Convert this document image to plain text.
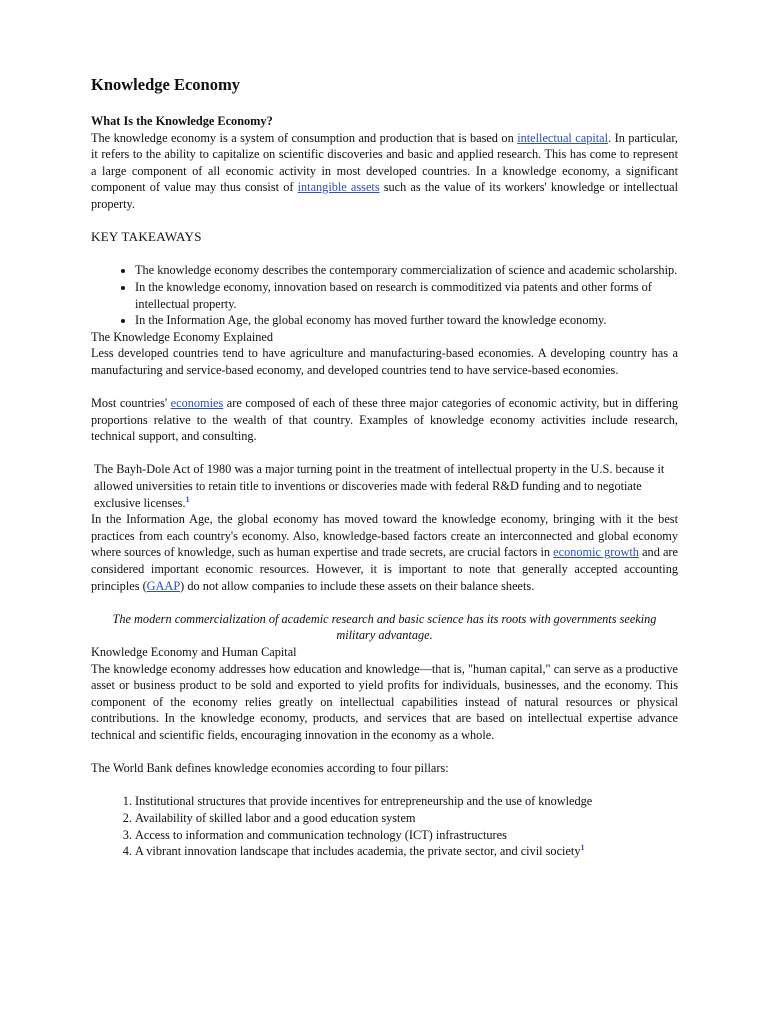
Knowledge Economy
What Is the Knowledge Economy?

The knowledge economy is a system of consumption and production that is based on intellectual capital. In particular, it refers to the ability to capitalize on scientific discoveries and basic and applied research. This has come to represent a large component of all economic activity in most developed countries. In a knowledge economy, a significant component of value may thus consist of intangible assets such as the value of its workers' knowledge or intellectual property.

KEY TAKEAWAYS

• The knowledge economy describes the contemporary commercialization of science and academic scholarship.
• In the knowledge economy, innovation based on research is commoditized via patents and other forms of intellectual property.
• In the Information Age, the global economy has moved further toward the knowledge economy.

The Knowledge Economy Explained

Less developed countries tend to have agriculture and manufacturing-based economies. A developing country has a manufacturing and service-based economy, and developed countries tend to have service-based economies.

Most countries' economies are composed of each of these three major categories of economic activity, but in differing proportions relative to the wealth of that country. Examples of knowledge economy activities include research, technical support, and consulting.

The Bayh-Dole Act of 1980 was a major turning point in the treatment of intellectual property in the U.S. because it allowed universities to retain title to inventions or discoveries made with federal R&D funding and to negotiate exclusive licenses.$^1$

In the Information Age, the global economy has moved toward the knowledge economy, bringing with it the best practices from each country's economy. Also, knowledge-based factors create an interconnected and global economy where sources of knowledge, such as human expertise and trade secrets, are crucial factors in economic growth and are considered important economic resources. However, it is important to note that generally accepted accounting principles (GAAP) do not allow companies to include these assets on their balance sheets.

The modern commercialization of academic research and basic science has its roots with governments seeking military advantage.

Knowledge Economy and Human Capital

The knowledge economy addresses how education and knowledge—that is, "human capital," can serve as a productive asset or business product to be sold and exported to yield profits for individuals, businesses, and the economy. This component of the economy relies greatly on intellectual capabilities instead of natural resources or physical contributions. In the knowledge economy, products, and services that are based on intellectual expertise advance technical and scientific fields, encouraging innovation in the economy as a whole.

The World Bank defines knowledge economies according to four pillars:

1. Institutional structures that provide incentives for entrepreneurship and the use of knowledge
2. Availability of skilled labor and a good education system
3. Access to information and communication technology (ICT) infrastructures
4. A vibrant innovation landscape that includes academia, the private sector, and civil society$^1$
